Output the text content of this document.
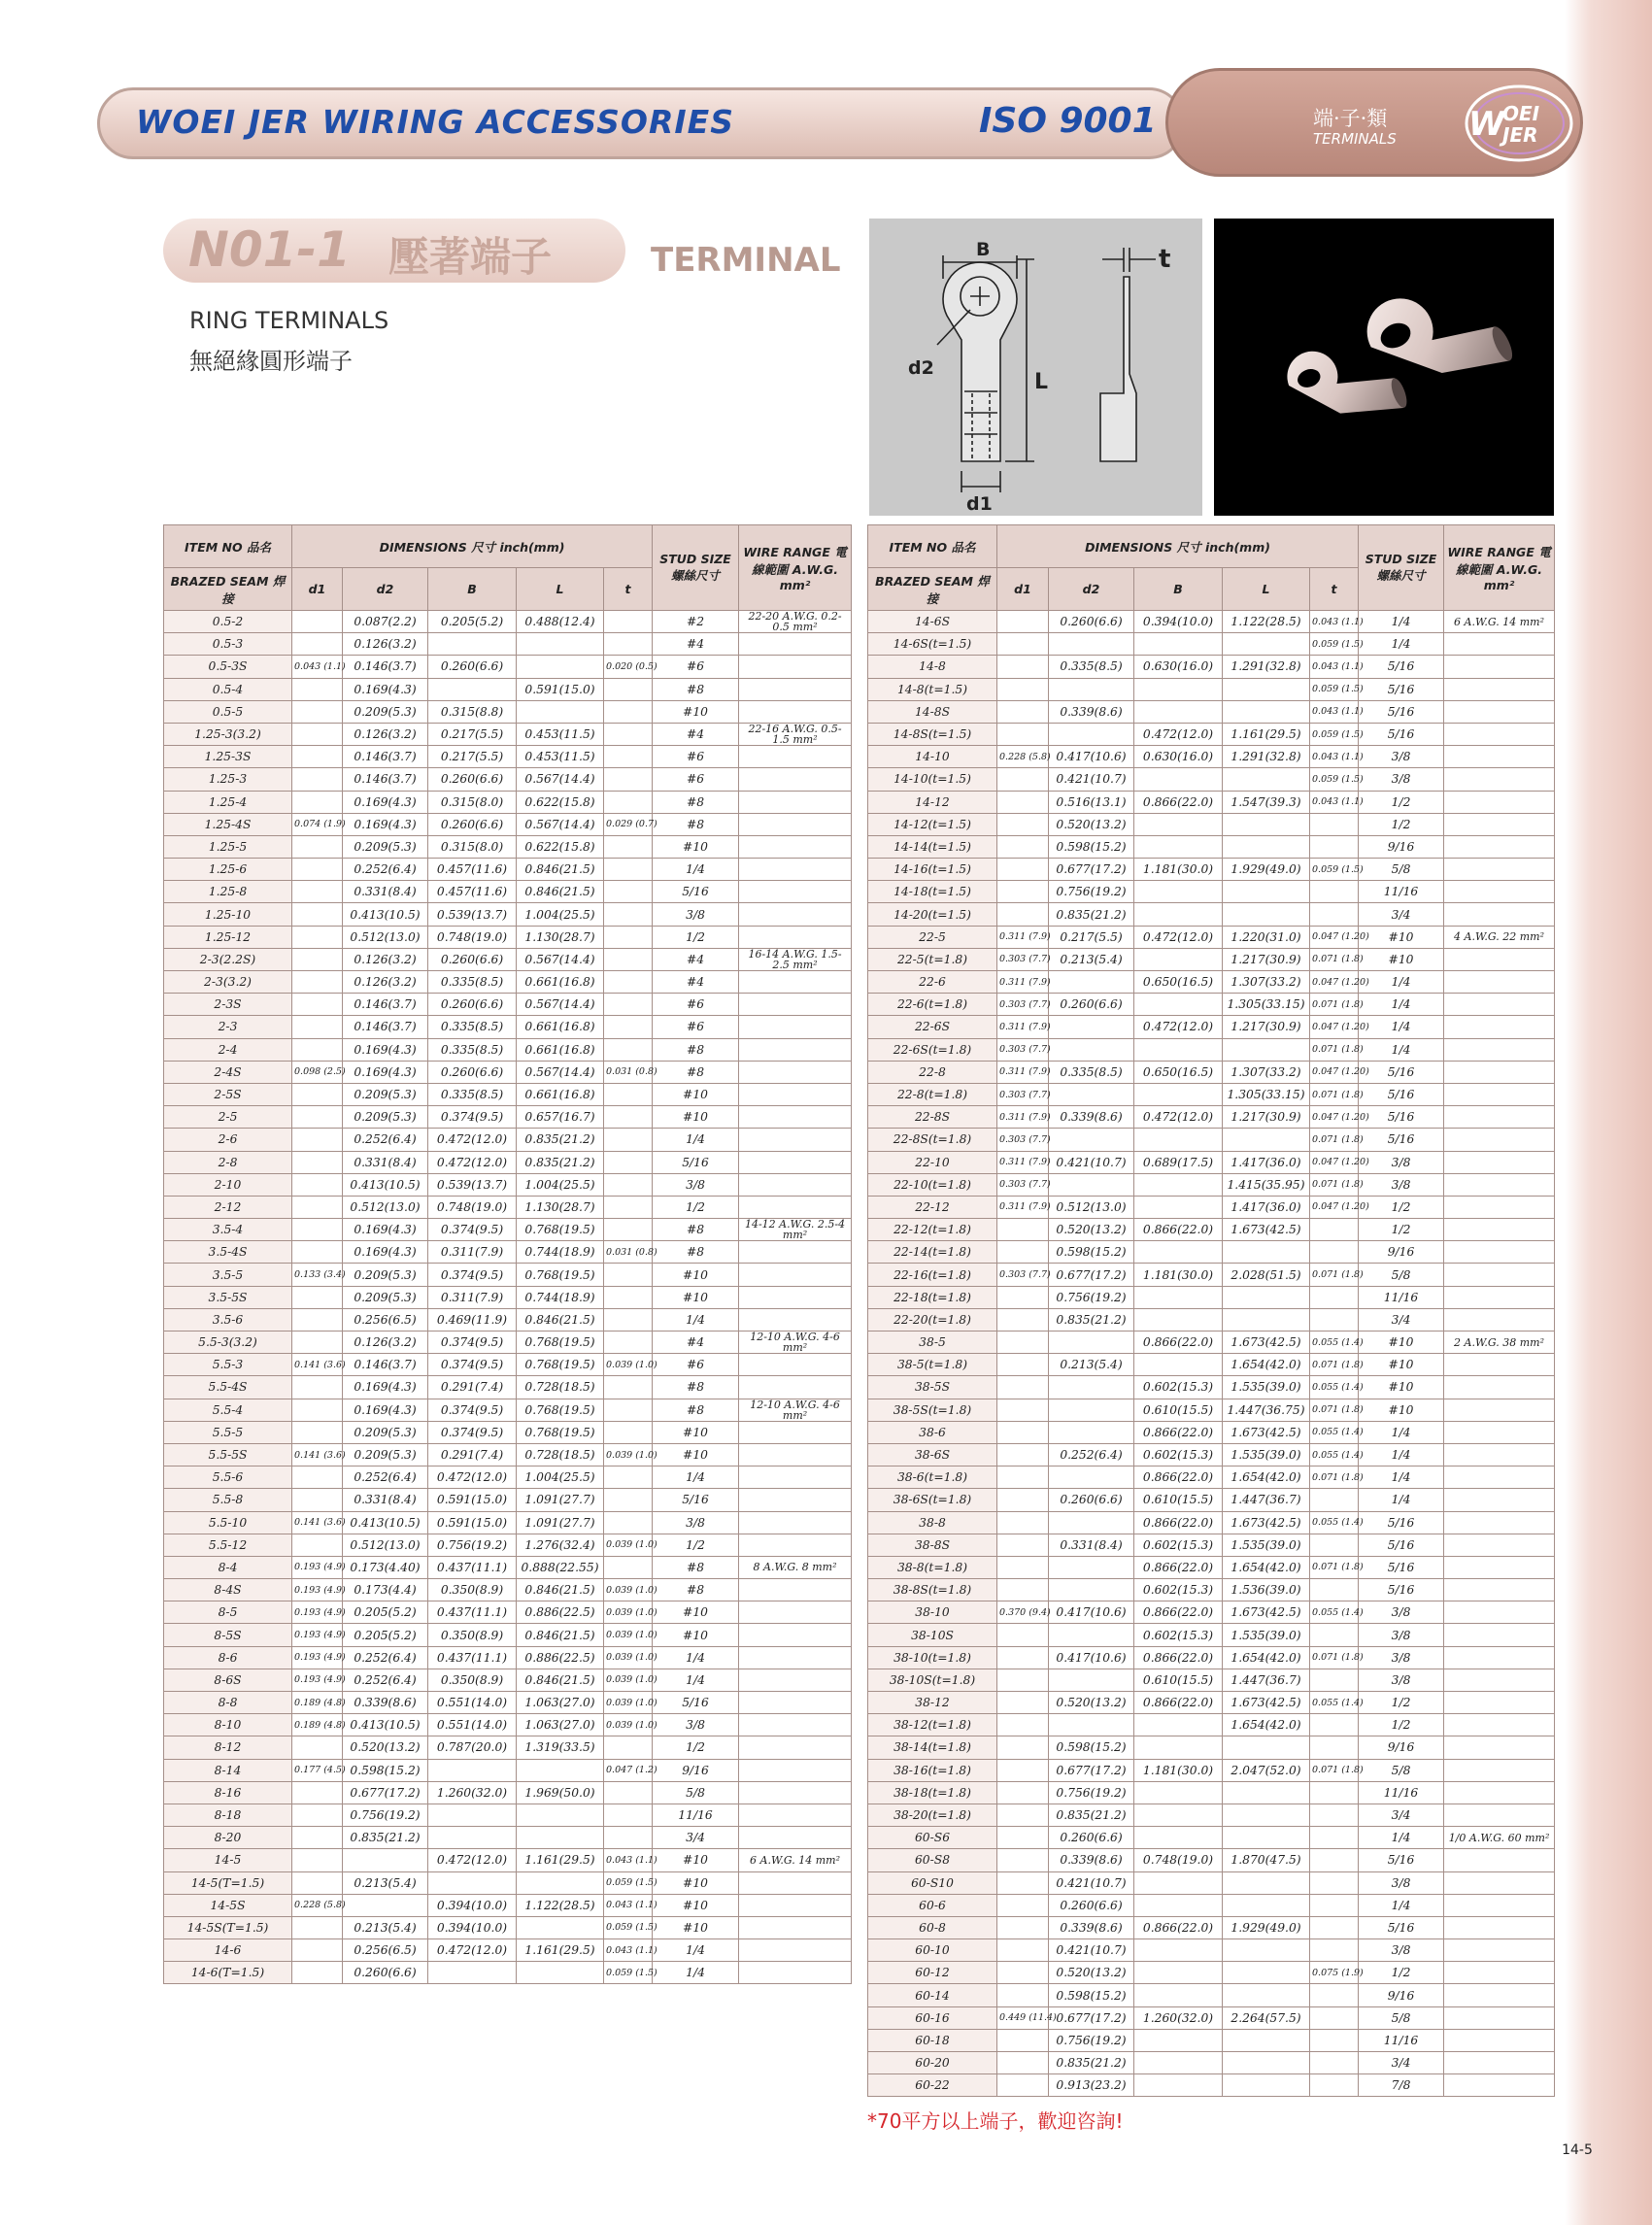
WOEI JER WIRING ACCESSORIES	ISO 9001	端·子·類
TERMINALS W
OEI
JER
N01-1 壓著端子	TERMINAL
RING TERMINALS
無絕緣圓形端子
B	t
d2
L
d1
ITEM NO 品名	DIMENSIONS 尺寸 inch(mm)					STUD SIZE 螺絲尺寸	WIRE RANGE 電線範圍 A.W.G. mm²
BRAZED SEAM 焊 接	d1	d2	B	L	t		
0.5-2		0.087(2.2)	0.205(5.2)	0.488(12.4)		#2	22-20 A.W.G. 0.2-0.5 mm²
0.5-3		0.126(3.2)				#4	
0.5-3S	0.043 (1.1)	0.146(3.7)	0.260(6.6)		0.020 (0.5)	#6	
0.5-4		0.169(4.3)		0.591(15.0)		#8	
0.5-5		0.209(5.3)	0.315(8.8)			#10	
1.25-3(3.2)		0.126(3.2)	0.217(5.5)	0.453(11.5)		#4	22-16 A.W.G. 0.5-1.5 mm²
1.25-3S		0.146(3.7)	0.217(5.5)	0.453(11.5)		#6	
1.25-3		0.146(3.7)	0.260(6.6)	0.567(14.4)		#6	
1.25-4		0.169(4.3)	0.315(8.0)	0.622(15.8)		#8	
1.25-4S	0.074 (1.9)	0.169(4.3)	0.260(6.6)	0.567(14.4)	0.029 (0.7)	#8	
1.25-5		0.209(5.3)	0.315(8.0)	0.622(15.8)		#10	
1.25-6		0.252(6.4)	0.457(11.6)	0.846(21.5)		1/4	
1.25-8		0.331(8.4)	0.457(11.6)	0.846(21.5)		5/16	
1.25-10		0.413(10.5)	0.539(13.7)	1.004(25.5)		3/8	
1.25-12		0.512(13.0)	0.748(19.0)	1.130(28.7)		1/2	
2-3(2.2S)		0.126(3.2)	0.260(6.6)	0.567(14.4)		#4	16-14 A.W.G. 1.5-2.5 mm²
2-3(3.2)		0.126(3.2)	0.335(8.5)	0.661(16.8)		#4	
2-3S		0.146(3.7)	0.260(6.6)	0.567(14.4)		#6	
2-3		0.146(3.7)	0.335(8.5)	0.661(16.8)		#6	
2-4		0.169(4.3)	0.335(8.5)	0.661(16.8)		#8	
2-4S	0.098 (2.5)	0.169(4.3)	0.260(6.6)	0.567(14.4)	0.031 (0.8)	#8	
2-5S		0.209(5.3)	0.335(8.5)	0.661(16.8)		#10	
2-5		0.209(5.3)	0.374(9.5)	0.657(16.7)		#10	
2-6		0.252(6.4)	0.472(12.0)	0.835(21.2)		1/4	
2-8		0.331(8.4)	0.472(12.0)	0.835(21.2)		5/16	
2-10		0.413(10.5)	0.539(13.7)	1.004(25.5)		3/8	
2-12		0.512(13.0)	0.748(19.0)	1.130(28.7)		1/2	
3.5-4		0.169(4.3)	0.374(9.5)	0.768(19.5)		#8	14-12 A.W.G. 2.5-4 mm²
3.5-4S		0.169(4.3)	0.311(7.9)	0.744(18.9)	0.031 (0.8)	#8	
3.5-5	0.133 (3.4)	0.209(5.3)	0.374(9.5)	0.768(19.5)		#10	
3.5-5S		0.209(5.3)	0.311(7.9)	0.744(18.9)		#10	
3.5-6		0.256(6.5)	0.469(11.9)	0.846(21.5)		1/4	
5.5-3(3.2)		0.126(3.2)	0.374(9.5)	0.768(19.5)		#4	12-10 A.W.G. 4-6 mm²
5.5-3	0.141 (3.6)	0.146(3.7)	0.374(9.5)	0.768(19.5)	0.039 (1.0)	#6	
5.5-4S		0.169(4.3)	0.291(7.4)	0.728(18.5)		#8	
5.5-4		0.169(4.3)	0.374(9.5)	0.768(19.5)		#8	12-10 A.W.G. 4-6 mm²
5.5-5		0.209(5.3)	0.374(9.5)	0.768(19.5)		#10	
5.5-5S	0.141 (3.6)	0.209(5.3)	0.291(7.4)	0.728(18.5)	0.039 (1.0)	#10	
5.5-6		0.252(6.4)	0.472(12.0)	1.004(25.5)		1/4	
5.5-8		0.331(8.4)	0.591(15.0)	1.091(27.7)		5/16	
5.5-10	0.141 (3.6)	0.413(10.5)	0.591(15.0)	1.091(27.7)		3/8	
5.5-12		0.512(13.0)	0.756(19.2)	1.276(32.4)	0.039 (1.0)	1/2	
8-4	0.193 (4.9)	0.173(4.40)	0.437(11.1)	0.888(22.55)		#8	8 A.W.G. 8 mm²
8-4S	0.193 (4.9)	0.173(4.4)	0.350(8.9)	0.846(21.5)	0.039 (1.0)	#8	
8-5	0.193 (4.9)	0.205(5.2)	0.437(11.1)	0.886(22.5)	0.039 (1.0)	#10	
8-5S	0.193 (4.9)	0.205(5.2)	0.350(8.9)	0.846(21.5)	0.039 (1.0)	#10	
8-6	0.193 (4.9)	0.252(6.4)	0.437(11.1)	0.886(22.5)	0.039 (1.0)	1/4	
8-6S	0.193 (4.9)	0.252(6.4)	0.350(8.9)	0.846(21.5)	0.039 (1.0)	1/4	
8-8	0.189 (4.8)	0.339(8.6)	0.551(14.0)	1.063(27.0)	0.039 (1.0)	5/16	
8-10	0.189 (4.8)	0.413(10.5)	0.551(14.0)	1.063(27.0)	0.039 (1.0)	3/8	
8-12		0.520(13.2)	0.787(20.0)	1.319(33.5)		1/2	
8-14	0.177 (4.5)	0.598(15.2)			0.047 (1.2)	9/16	
8-16		0.677(17.2)	1.260(32.0)	1.969(50.0)		5/8	
8-18		0.756(19.2)				11/16	
8-20		0.835(21.2)				3/4	
14-5			0.472(12.0)	1.161(29.5)	0.043 (1.1)	#10	6 A.W.G. 14 mm²
14-5(T=1.5)		0.213(5.4)			0.059 (1.5)	#10	
14-5S	0.228 (5.8)		0.394(10.0)	1.122(28.5)	0.043 (1.1)	#10	
14-5S(T=1.5)		0.213(5.4)	0.394(10.0)		0.059 (1.5)	#10	
14-6		0.256(6.5)	0.472(12.0)	1.161(29.5)	0.043 (1.1)	1/4	
14-6(T=1.5)		0.260(6.6)			0.059 (1.5)	1/4	
ITEM NO 品名	DIMENSIONS 尺寸 inch(mm)					STUD SIZE 螺絲尺寸	WIRE RANGE 電線範圍 A.W.G. mm²
BRAZED SEAM 焊 接	d1	d2	B	L	t		
14-6S		0.260(6.6)	0.394(10.0)	1.122(28.5)	0.043 (1.1)	1/4	6 A.W.G. 14 mm²
14-6S(t=1.5)					0.059 (1.5)	1/4	
14-8		0.335(8.5)	0.630(16.0)	1.291(32.8)	0.043 (1.1)	5/16	
14-8(t=1.5)					0.059 (1.5)	5/16	
14-8S		0.339(8.6)			0.043 (1.1)	5/16	
14-8S(t=1.5)			0.472(12.0)	1.161(29.5)	0.059 (1.5)	5/16	
14-10	0.228 (5.8)	0.417(10.6)	0.630(16.0)	1.291(32.8)	0.043 (1.1)	3/8	
14-10(t=1.5)		0.421(10.7)			0.059 (1.5)	3/8	
14-12		0.516(13.1)	0.866(22.0)	1.547(39.3)	0.043 (1.1)	1/2	
14-12(t=1.5)		0.520(13.2)				1/2	
14-14(t=1.5)		0.598(15.2)				9/16	
14-16(t=1.5)		0.677(17.2)	1.181(30.0)	1.929(49.0)	0.059 (1.5)	5/8	
14-18(t=1.5)		0.756(19.2)				11/16	
14-20(t=1.5)		0.835(21.2)				3/4	
22-5	0.311 (7.9)	0.217(5.5)	0.472(12.0)	1.220(31.0)	0.047 (1.20)	#10	4 A.W.G. 22 mm²
22-5(t=1.8)	0.303 (7.7)	0.213(5.4)		1.217(30.9)	0.071 (1.8)	#10	
22-6	0.311 (7.9)		0.650(16.5)	1.307(33.2)	0.047 (1.20)	1/4	
22-6(t=1.8)	0.303 (7.7)	0.260(6.6)		1.305(33.15)	0.071 (1.8)	1/4	
22-6S	0.311 (7.9)		0.472(12.0)	1.217(30.9)	0.047 (1.20)	1/4	
22-6S(t=1.8)	0.303 (7.7)				0.071 (1.8)	1/4	
22-8	0.311 (7.9)	0.335(8.5)	0.650(16.5)	1.307(33.2)	0.047 (1.20)	5/16	
22-8(t=1.8)	0.303 (7.7)			1.305(33.15)	0.071 (1.8)	5/16	
22-8S	0.311 (7.9)	0.339(8.6)	0.472(12.0)	1.217(30.9)	0.047 (1.20)	5/16	
22-8S(t=1.8)	0.303 (7.7)				0.071 (1.8)	5/16	
22-10	0.311 (7.9)	0.421(10.7)	0.689(17.5)	1.417(36.0)	0.047 (1.20)	3/8	
22-10(t=1.8)	0.303 (7.7)			1.415(35.95)	0.071 (1.8)	3/8	
22-12	0.311 (7.9)	0.512(13.0)		1.417(36.0)	0.047 (1.20)	1/2	
22-12(t=1.8)		0.520(13.2)	0.866(22.0)	1.673(42.5)		1/2	
22-14(t=1.8)		0.598(15.2)				9/16	
22-16(t=1.8)	0.303 (7.7)	0.677(17.2)	1.181(30.0)	2.028(51.5)	0.071 (1.8)	5/8	
22-18(t=1.8)		0.756(19.2)				11/16	
22-20(t=1.8)		0.835(21.2)				3/4	
38-5			0.866(22.0)	1.673(42.5)	0.055 (1.4)	#10	2 A.W.G. 38 mm²
38-5(t=1.8)		0.213(5.4)		1.654(42.0)	0.071 (1.8)	#10	
38-5S			0.602(15.3)	1.535(39.0)	0.055 (1.4)	#10	
38-5S(t=1.8)			0.610(15.5)	1.447(36.75)	0.071 (1.8)	#10	
38-6			0.866(22.0)	1.673(42.5)	0.055 (1.4)	1/4	
38-6S		0.252(6.4)	0.602(15.3)	1.535(39.0)	0.055 (1.4)	1/4	
38-6(t=1.8)			0.866(22.0)	1.654(42.0)	0.071 (1.8)	1/4	
38-6S(t=1.8)		0.260(6.6)	0.610(15.5)	1.447(36.7)		1/4	
38-8			0.866(22.0)	1.673(42.5)	0.055 (1.4)	5/16	
38-8S		0.331(8.4)	0.602(15.3)	1.535(39.0)		5/16	
38-8(t=1.8)			0.866(22.0)	1.654(42.0)	0.071 (1.8)	5/16	
38-8S(t=1.8)			0.602(15.3)	1.536(39.0)		5/16	
38-10	0.370 (9.4)	0.417(10.6)	0.866(22.0)	1.673(42.5)	0.055 (1.4)	3/8	
38-10S			0.602(15.3)	1.535(39.0)		3/8	
38-10(t=1.8)		0.417(10.6)	0.866(22.0)	1.654(42.0)	0.071 (1.8)	3/8	
38-10S(t=1.8)			0.610(15.5)	1.447(36.7)		3/8	
38-12		0.520(13.2)	0.866(22.0)	1.673(42.5)	0.055 (1.4)	1/2	
38-12(t=1.8)				1.654(42.0)		1/2	
38-14(t=1.8)		0.598(15.2)				9/16	
38-16(t=1.8)		0.677(17.2)	1.181(30.0)	2.047(52.0)	0.071 (1.8)	5/8	
38-18(t=1.8)		0.756(19.2)				11/16	
38-20(t=1.8)		0.835(21.2)				3/4	
60-S6		0.260(6.6)				1/4	1/0 A.W.G. 60 mm²
60-S8		0.339(8.6)	0.748(19.0)	1.870(47.5)		5/16	
60-S10		0.421(10.7)				3/8	
60-6		0.260(6.6)				1/4	
60-8		0.339(8.6)	0.866(22.0)	1.929(49.0)		5/16	
60-10		0.421(10.7)				3/8	
60-12		0.520(13.2)			0.075 (1.9)	1/2	
60-14		0.598(15.2)				9/16	
60-16	0.449 (11.4)	0.677(17.2)	1.260(32.0)	2.264(57.5)		5/8	
60-18		0.756(19.2)				11/16	
60-20		0.835(21.2)				3/4	
60-22		0.913(23.2)				7/8	
*70平方以上端子，歡迎咨詢!
14-5
